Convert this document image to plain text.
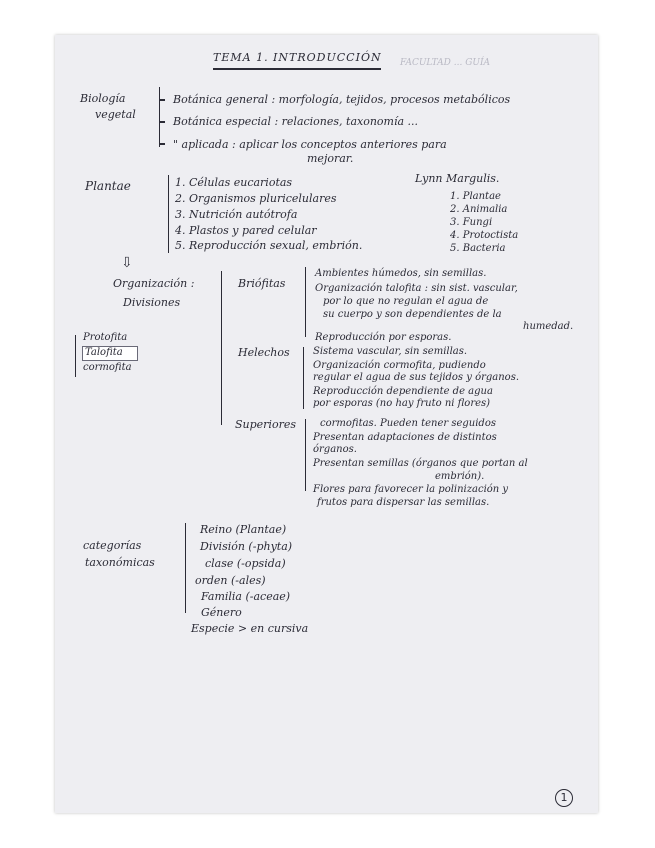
TEMA 1. INTRODUCCIÓN FACULTAD ... GUÍA
Biología
vegetal
Botánica general : morfología, tejidos, procesos metabólicos
Botánica especial : relaciones, taxonomía ...
" aplicada : aplicar los conceptos anteriores para
mejorar.
Plantae	1. Células eucariotas
2. Organismos pluricelulares
3. Nutrición autótrofa
4. Plastos y pared celular
5. Reproducción sexual, embrión.
Lynn Margulis.
1. Plantae
2. Animalia
3. Fungi
4. Protoctista
5. Bacteria
⇩
Organización :
Divisiones
Protofita
Talofita
cormofita
Briófitas
Ambientes húmedos, sin semillas.
Organización talofita : sin sist. vascular,
por lo que no regulan el agua de
su cuerpo y son dependientes de la
humedad.
Reproducción por esporas.
Helechos Sistema vascular, sin semillas.
Organización cormofita, pudiendo
regular el agua de sus tejidos y órganos.
Reproducción dependiente de agua
por esporas (no hay fruto ni flores)
Superiores cormofitas. Pueden tener seguidos
Presentan adaptaciones de distintos
órganos.
Presentan semillas (órganos que portan al
embrión).
Flores para favorecer la polinización y
frutos para dispersar las semillas.
categorías
taxonómicas
Reino (Plantae)
División (-phyta)
clase (-opsida)
orden (-ales)
Familia (-aceae)
Género
Especie > en cursiva
1
